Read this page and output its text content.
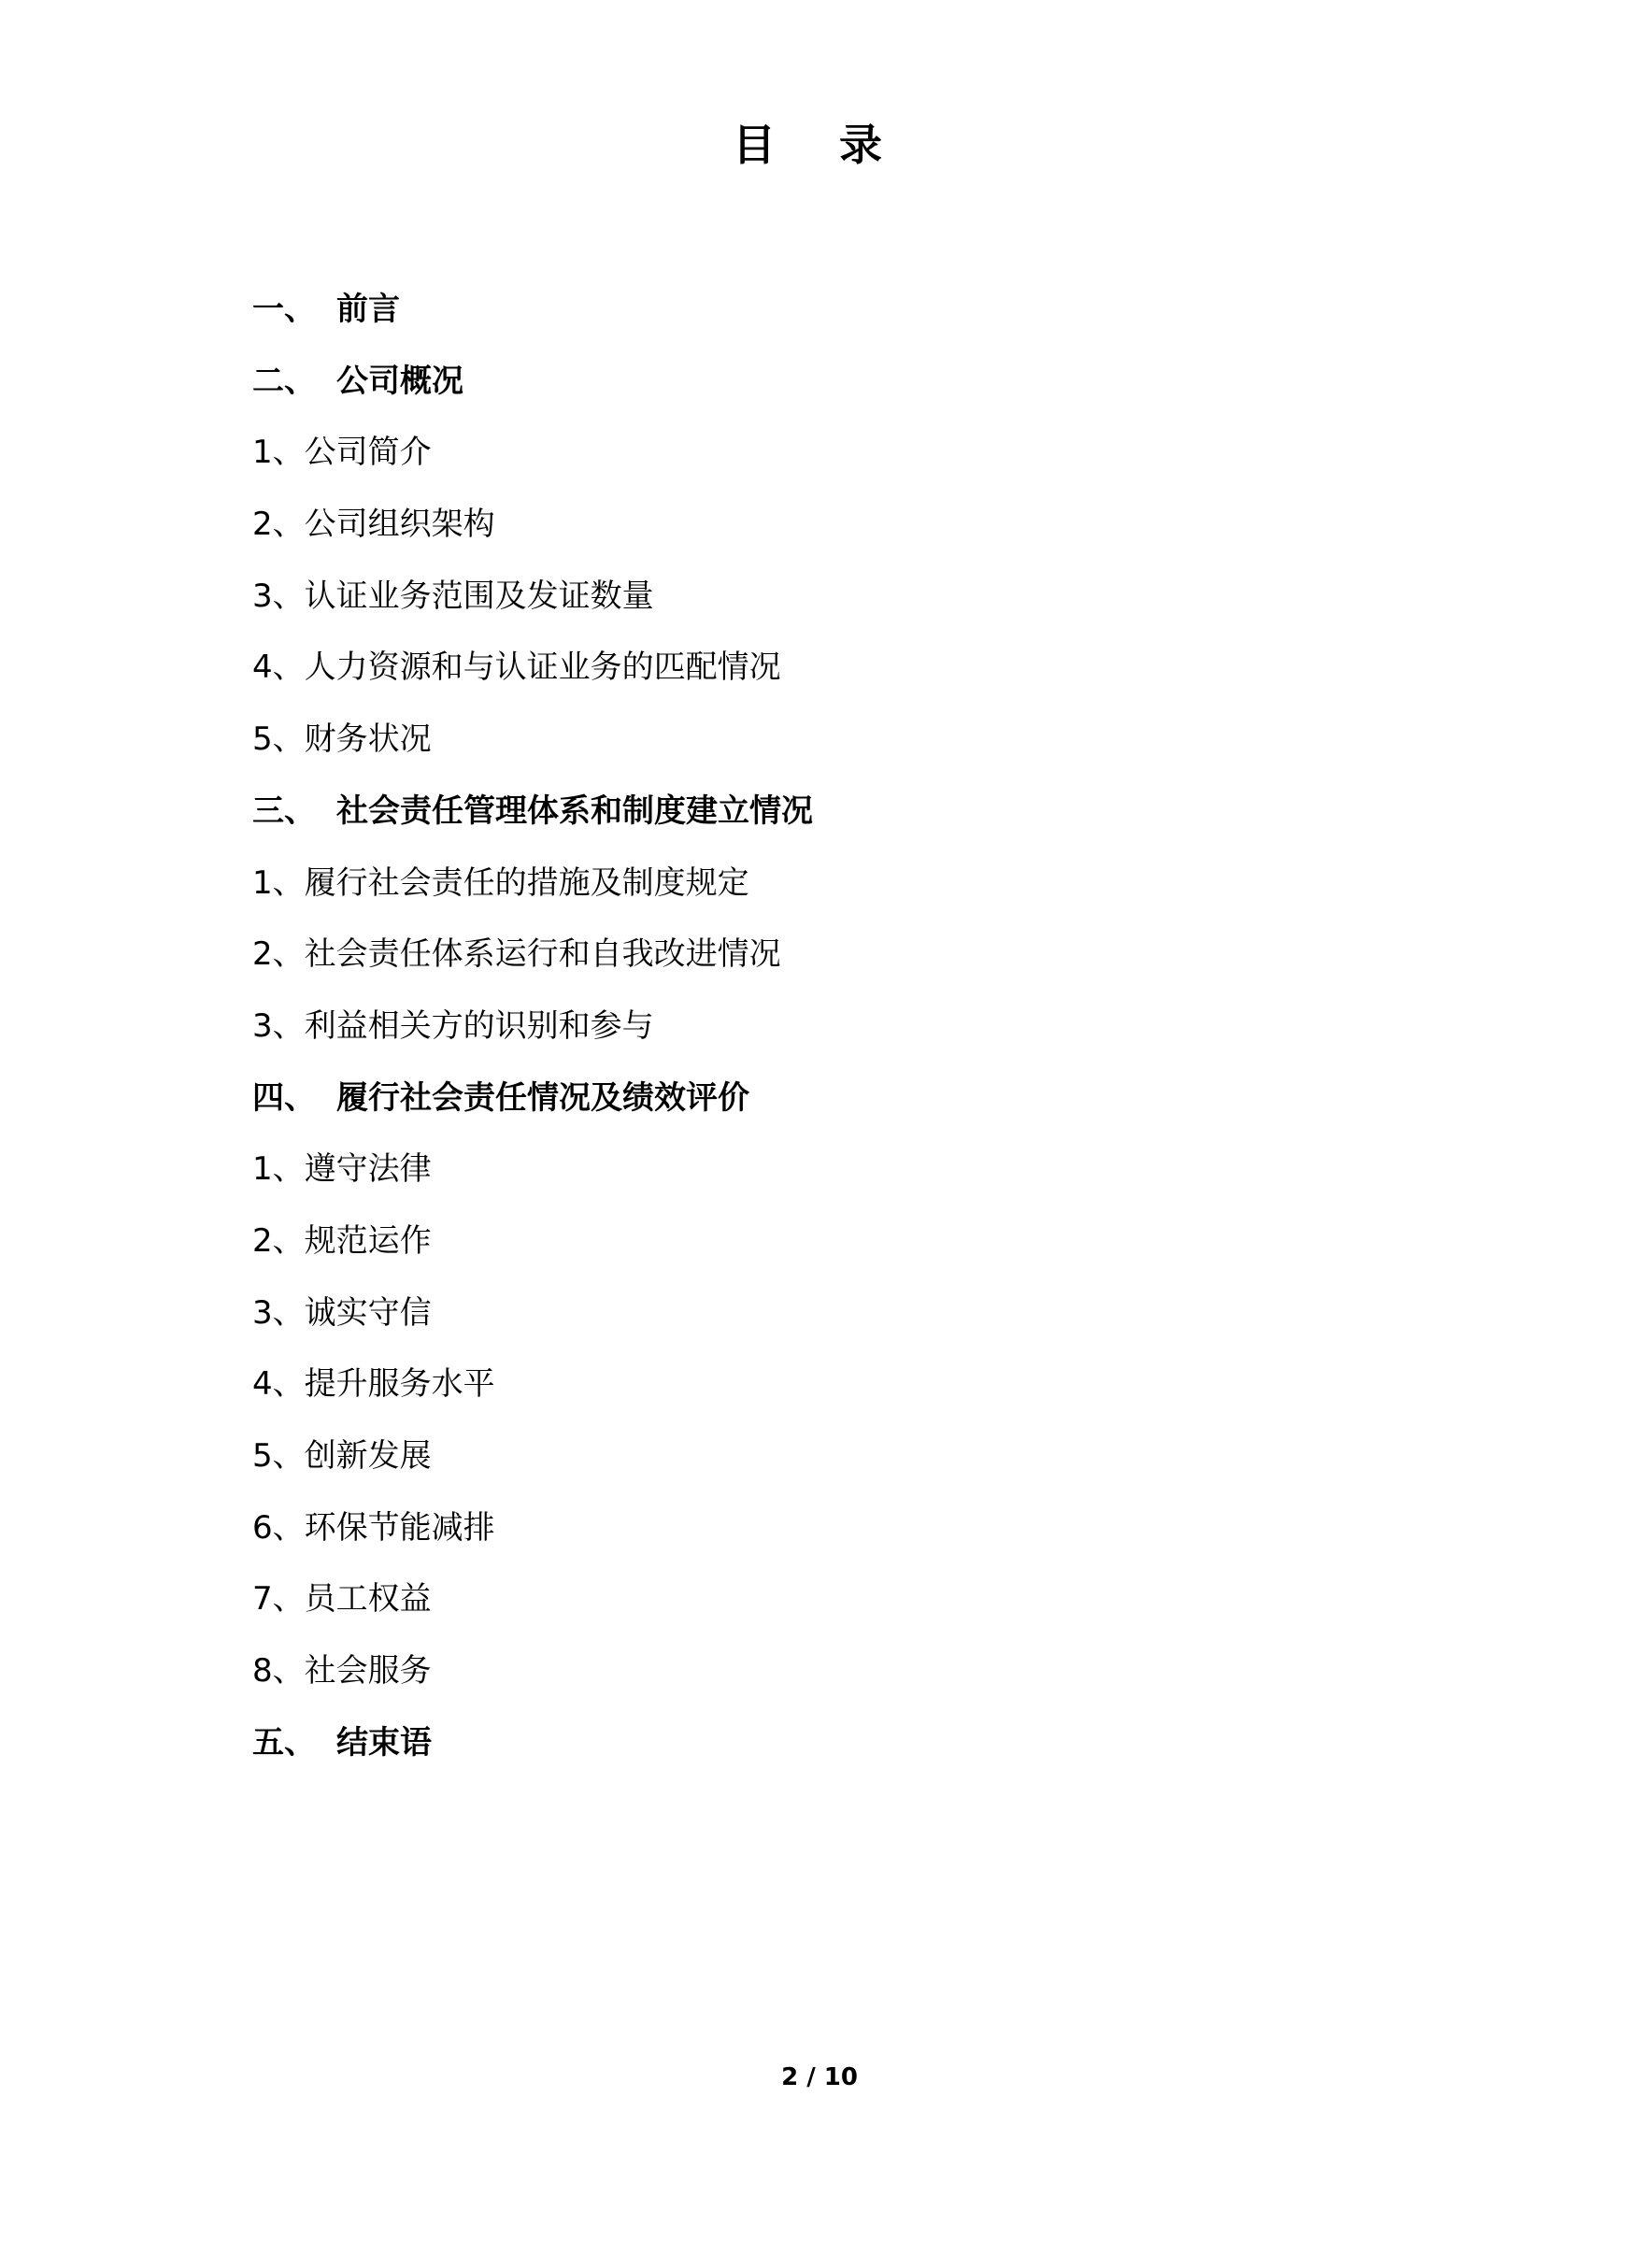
目 录
一、 前言
二、 公司概况
1、公司简介
2、公司组织架构
3、认证业务范围及发证数量
4、人力资源和与认证业务的匹配情况
5、财务状况
三、 社会责任管理体系和制度建立情况
1、履行社会责任的措施及制度规定
2、社会责任体系运行和自我改进情况
3、利益相关方的识别和参与
四、 履行社会责任情况及绩效评价
1、遵守法律
2、规范运作
3、诚实守信
4、提升服务水平
5、创新发展
6、环保节能减排
7、员工权益
8、社会服务
五、 结束语
2 / 10
